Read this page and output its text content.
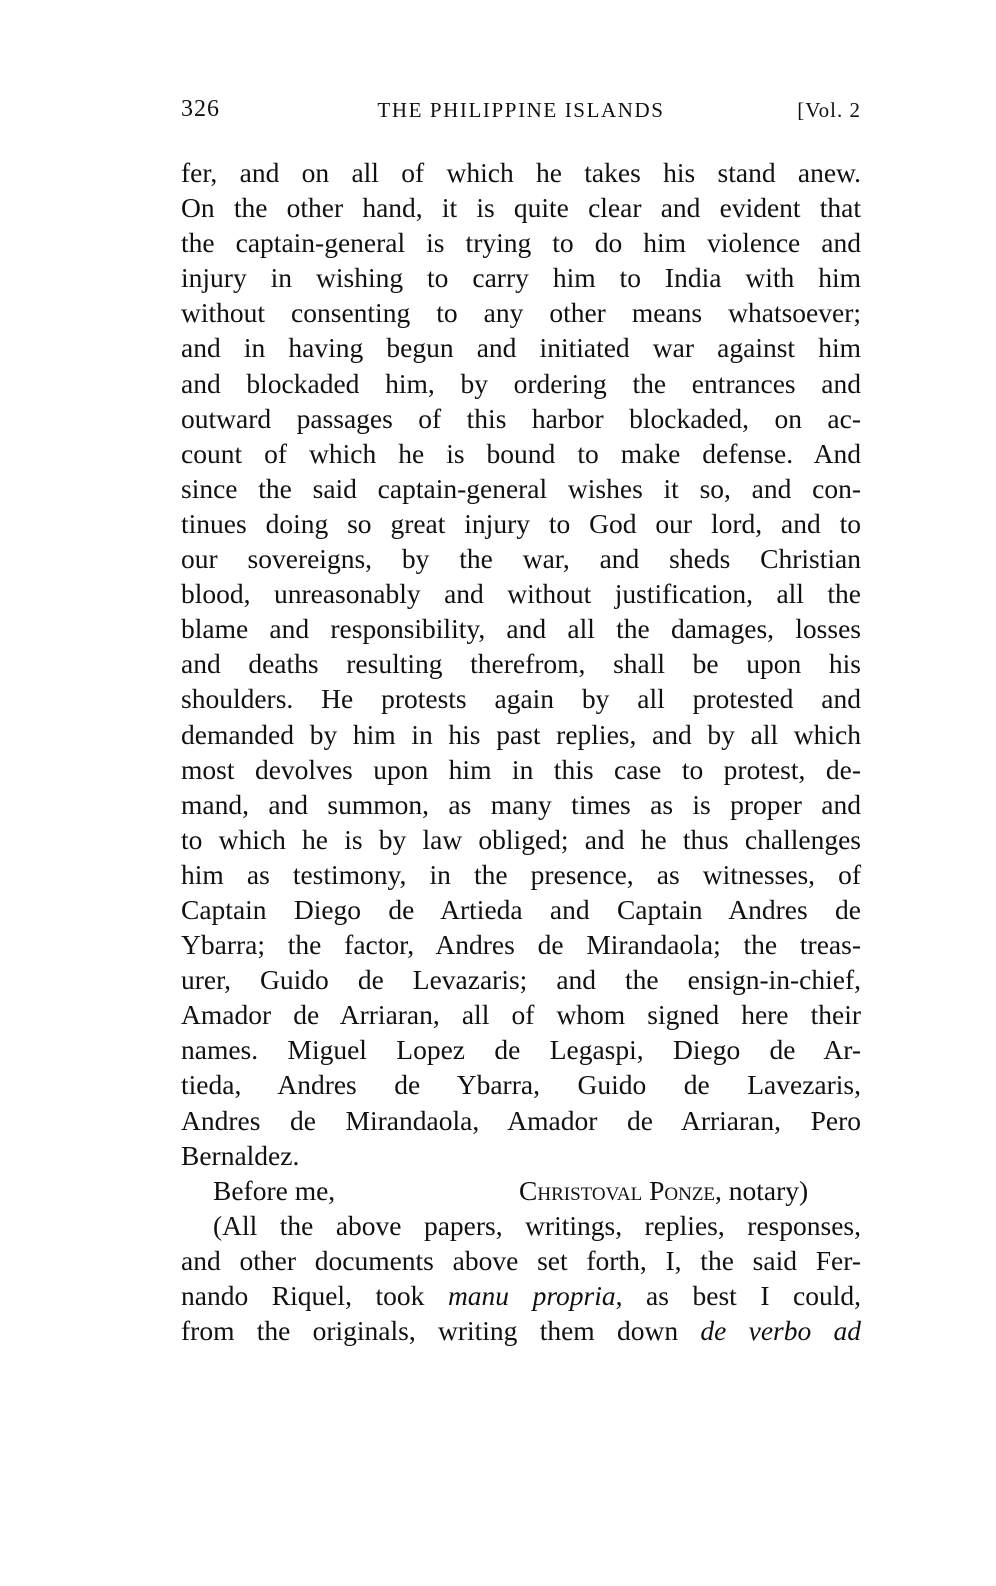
326	THE PHILIPPINE ISLANDS	[Vol. 2
fer, and on all of which he takes his stand anew.
On the other hand, it is quite clear and evident that
the captain-general is trying to do him violence and
injury in wishing to carry him to India with him
without consenting to any other means whatsoever;
and in having begun and initiated war against him
and blockaded him, by ordering the entrances and
outward passages of this harbor blockaded, on ac-
count of which he is bound to make defense. And
since the said captain-general wishes it so, and con-
tinues doing so great injury to God our lord, and to
our sovereigns, by the war, and sheds Christian
blood, unreasonably and without justification, all the
blame and responsibility, and all the damages, losses
and deaths resulting therefrom, shall be upon his
shoulders. He protests again by all protested and
demanded by him in his past replies, and by all which
most devolves upon him in this case to protest, de-
mand, and summon, as many times as is proper and
to which he is by law obliged; and he thus challenges
him as testimony, in the presence, as witnesses, of
Captain Diego de Artieda and Captain Andres de
Ybarra; the factor, Andres de Mirandaola; the treas-
urer, Guido de Levazaris; and the ensign-in-chief,
Amador de Arriaran, all of whom signed here their
names. Miguel Lopez de Legaspi, Diego de Ar-
tieda, Andres de Ybarra, Guido de Lavezaris,
Andres de Mirandaola, Amador de Arriaran, Pero
Bernaldez.
Before me,	Christoval Ponze, notary)
(All the above papers, writings, replies, responses,
and other documents above set forth, I, the said Fer-
nando Riquel, took manu propria, as best I could,
from the originals, writing them down de verbo ad
